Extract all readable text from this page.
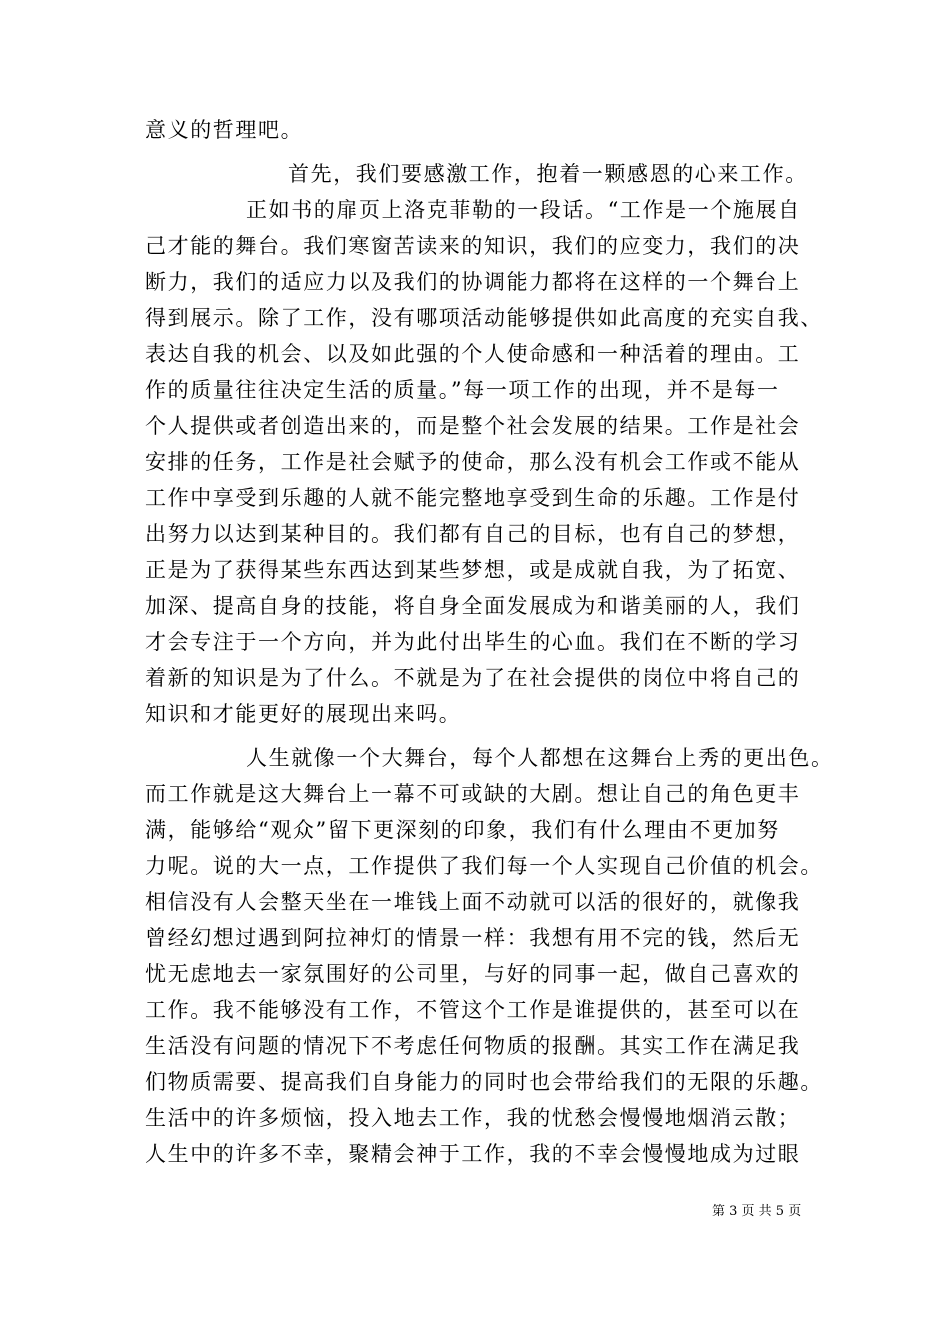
意义的哲理吧。
首先，我们要感激工作，抱着一颗感恩的心来工作。
正如书的扉页上洛克菲勒的一段话。“工作是一个施展自
己才能的舞台。我们寒窗苦读来的知识，我们的应变力，我们的决
断力，我们的适应力以及我们的协调能力都将在这样的一个舞台上
得到展示。除了工作，没有哪项活动能够提供如此高度的充实自我、
表达自我的机会、以及如此强的个人使命感和一种活着的理由。工
作的质量往往决定生活的质量。”每一项工作的出现，并不是每一
个人提供或者创造出来的，而是整个社会发展的结果。工作是社会
安排的任务，工作是社会赋予的使命，那么没有机会工作或不能从
工作中享受到乐趣的人就不能完整地享受到生命的乐趣。工作是付
出努力以达到某种目的。我们都有自己的目标，也有自己的梦想，
正是为了获得某些东西达到某些梦想，或是成就自我，为了拓宽、
加深、提高自身的技能，将自身全面发展成为和谐美丽的人，我们
才会专注于一个方向，并为此付出毕生的心血。我们在不断的学习
着新的知识是为了什么。不就是为了在社会提供的岗位中将自己的
知识和才能更好的展现出来吗。
人生就像一个大舞台，每个人都想在这舞台上秀的更出色。
而工作就是这大舞台上一幕不可或缺的大剧。想让自己的角色更丰
满，能够给“观众”留下更深刻的印象，我们有什么理由不更加努
力呢。说的大一点，工作提供了我们每一个人实现自己价值的机会。
相信没有人会整天坐在一堆钱上面不动就可以活的很好的，就像我
曾经幻想过遇到阿拉神灯的情景一样：我想有用不完的钱，然后无
忧无虑地去一家氛围好的公司里，与好的同事一起，做自己喜欢的
工作。我不能够没有工作，不管这个工作是谁提供的，甚至可以在
生活没有问题的情况下不考虑任何物质的报酬。其实工作在满足我
们物质需要、提高我们自身能力的同时也会带给我们的无限的乐趣。
生活中的许多烦恼，投入地去工作，我的忧愁会慢慢地烟消云散；
人生中的许多不幸，聚精会神于工作，我的不幸会慢慢地成为过眼
第 3 页 共 5 页
